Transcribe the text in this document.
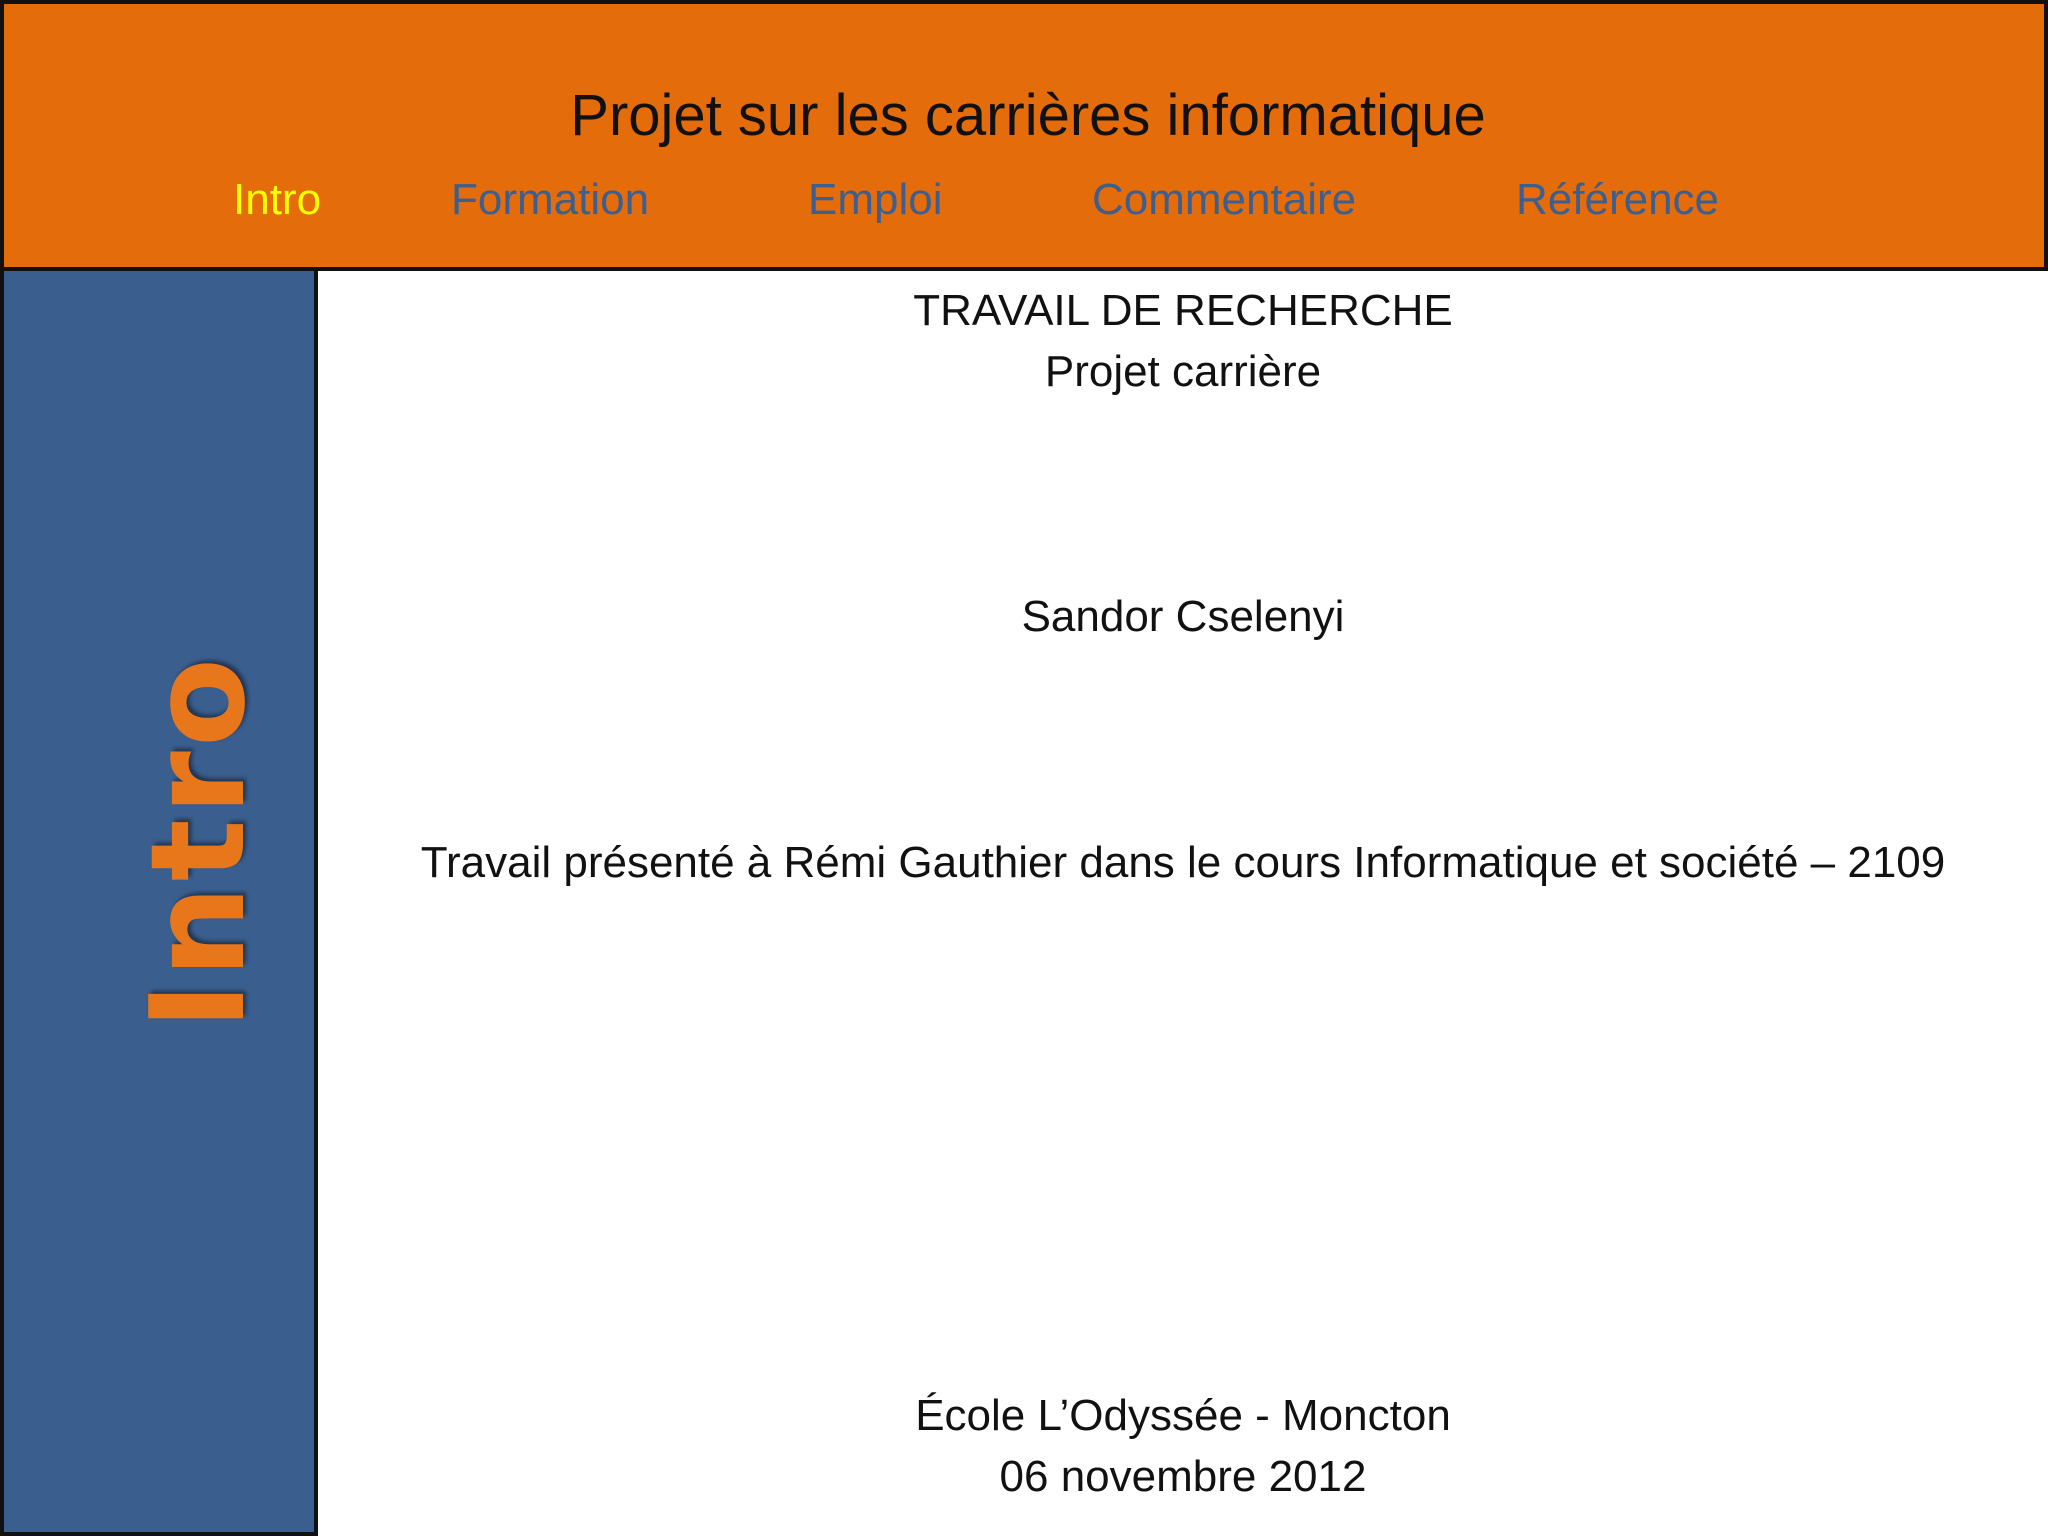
Projet sur les carrières informatique
Intro	Formation	Emploi	Commentaire	Référence
Intro
TRAVAIL DE RECHERCHE
Projet carrière
Sandor Cselenyi
Travail présenté à Rémi Gauthier dans le cours Informatique et société – 2109
École L’Odyssée - Moncton
06 novembre 2012
